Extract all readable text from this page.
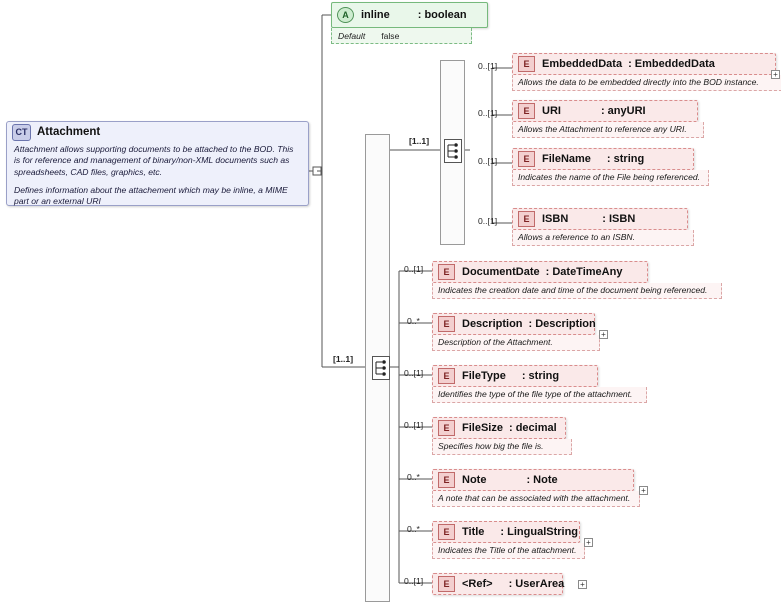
CT Attachment

Attachment allows supporting documents to be attached to the BOD. This is for reference and management of binary/non-XML documents such as spreadsheets, CAD files, graphics, etc.

Defines information about the attachement which may be inline, a MIME part or an external URI

A	inline	: boolean
Default false
[1..1]
[1..1]
0..[1]	E	EmbeddedData : EmbeddedData
Allows the data to be embedded directly into the BOD instance.
+
0..[1]	E	URI	: anyURI
Allows the Attachment to reference any URI.
0..[1]	E	FileName : string
Indicates the name of the File being referenced.
0..[1]	E	ISBN	: ISBN
Allows a reference to an ISBN.
0..[1]	E	DocumentDate : DateTimeAny
Indicates the creation date and time of the document being referenced.
0..*	E	Description : Description
Description of the Attachment.
+
0..[1]	E	FileType : string
Identifies the type of the file type of the attachment.
0..[1]	E	FileSize : decimal
Specifies how big the file is.
0..*	E	Note	: Note
A note that can be associated with the attachment.
+
0..*	E	Title : LingualString
Indicates the Title of the attachment.
+
0..[1]	E	<Ref> : UserArea +
